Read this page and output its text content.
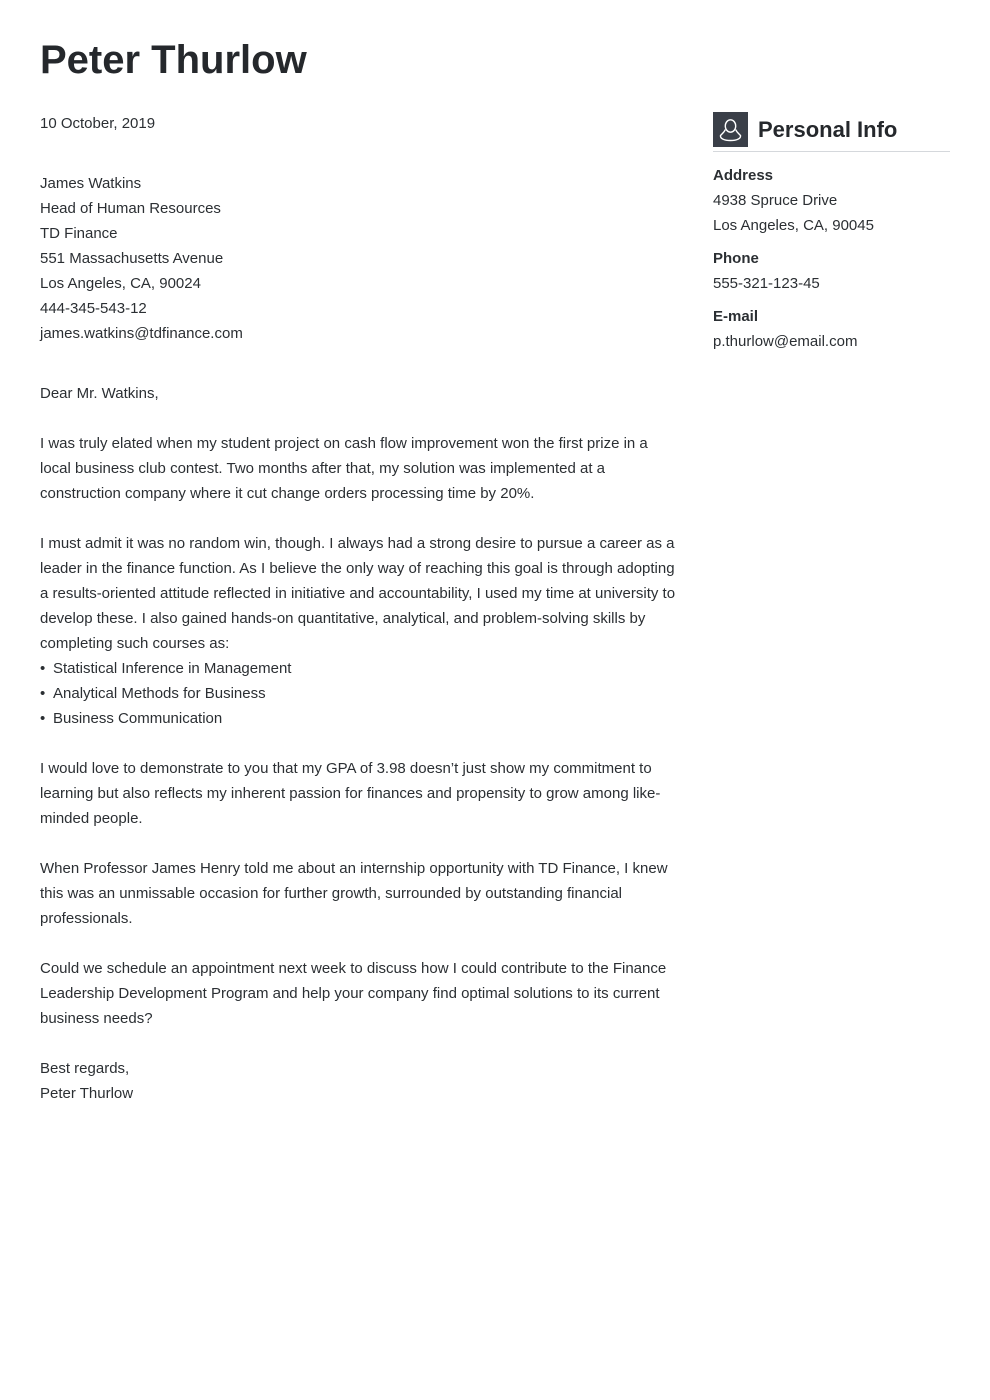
Peter Thurlow

10 October, 2019

James Watkins
Head of Human Resources
TD Finance
551 Massachusetts Avenue
Los Angeles, CA, 90024
444-345-543-12
james.watkins@tdfinance.com

Dear Mr. Watkins,

I was truly elated when my student project on cash flow improvement won the first prize in a local business club contest. Two months after that, my solution was implemented at a construction company where it cut change orders processing time by 20%.

I must admit it was no random win, though. I always had a strong desire to pursue a career as a leader in the finance function. As I believe the only way of reaching this goal is through adopting a results-oriented attitude reflected in initiative and accountability, I used my time at university to develop these. I also gained hands-on quantitative, analytical, and problem-solving skills by completing such courses as:

• Statistical Inference in Management
• Analytical Methods for Business
• Business Communication

I would love to demonstrate to you that my GPA of 3.98 doesn’t just show my commitment to learning but also reflects my inherent passion for finances and propensity to grow among like-minded people.

When Professor James Henry told me about an internship opportunity with TD Finance, I knew this was an unmissable occasion for further growth, surrounded by outstanding financial professionals.

Could we schedule an appointment next week to discuss how I could contribute to the Finance Leadership Development Program and help your company find optimal solutions to its current business needs?

Best regards,
Peter Thurlow
Personal Info
Address
4938 Spruce Drive
Los Angeles, CA, 90045
Phone
555-321-123-45
E-mail
p.thurlow@email.com
